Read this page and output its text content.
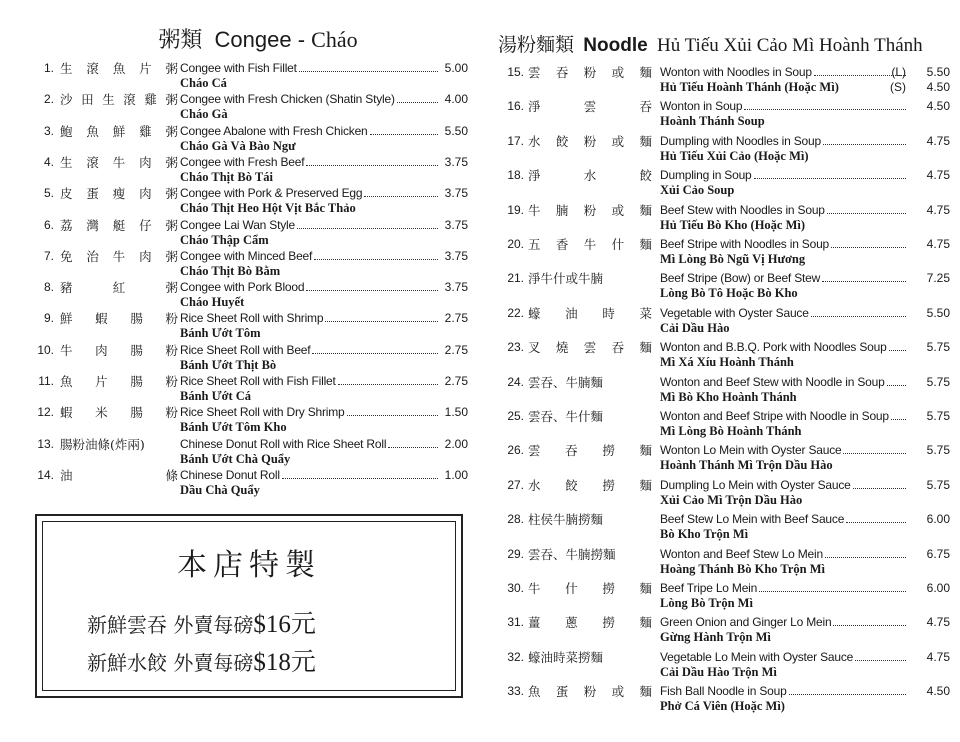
粥類 Congee - Cháo
1. 生 滾 魚 片 粥 Congee with Fish Fillet	5.00
Cháo Cá
2. 沙 田 生 滾 雞 粥 Congee with Fresh Chicken (Shatin Style)	4.00
Cháo Gà
3. 鮑 魚 鮮 雞 粥 Congee Abalone with Fresh Chicken	5.50
Cháo Gà Và Bào Ngư
4. 生 滾 牛 肉 粥 Congee with Fresh Beef	3.75
Cháo Thịt Bò Tái
5. 皮 蛋 瘦 肉 粥 Congee with Pork & Preserved Egg	3.75
Cháo Thịt Heo Hột Vịt Bắc Thảo
6. 荔 灣 艇 仔 粥 Congee Lai Wan Style	3.75
Cháo Thập Cẩm
7. 免 治 牛 肉 粥 Congee with Minced Beef	3.75
Cháo Thịt Bò Bằm
8. 豬	紅	粥 Congee with Pork Blood	3.75
Cháo Huyết
9. 鮮 蝦 腸 粉 Rice Sheet Roll with Shrimp	2.75
Bánh Ướt Tôm
10. 牛 肉 腸 粉 Rice Sheet Roll with Beef	2.75
Bánh Ướt Thịt Bò
11. 魚 片 腸 粉 Rice Sheet Roll with Fish Fillet	2.75
Bánh Ướt Cá
12. 蝦 米 腸 粉 Rice Sheet Roll with Dry Shrimp	1.50
Bánh Ướt Tôm Kho
13. 腸粉油條(炸兩)	Chinese Donut Roll with Rice Sheet Roll	2.00
Bánh Ướt Chà Quẩy
14. 油	條 Chinese Donut Roll	1.00
Dầu Chà Quẩy
本店特製
新鮮雲吞 外賣每磅$16元
新鮮水餃 外賣每磅$18元
湯粉麵類 Noodle Hủ Tiếu Xủi Cảo Mì Hoành Thánh
15. 雲 吞 粉 或 麵 Wonton with Noodles in Soup	(L)	5.50
Hủ Tiếu Hoành Thánh (Hoặc Mì)	(S)	4.50
16. 淨	雲	吞 Wonton in Soup	4.50
Hoành Thánh Soup
17. 水 餃 粉 或 麵 Dumpling with Noodles in Soup	4.75
Hủ Tiếu Xủi Cảo (Hoặc Mì)
18. 淨	水	餃 Dumpling in Soup	4.75
Xủi Cảo Soup
19. 牛 腩 粉 或 麵 Beef Stew with Noodles in Soup	4.75
Hủ Tiếu Bò Kho (Hoặc Mì)
20. 五 香 牛 什 麵 Beef Stripe with Noodles in Soup	4.75
Mì Lòng Bò Ngũ Vị Hương
21. 淨牛什或牛腩	Beef Stripe (Bow) or Beef Stew	7.25
Lòng Bò Tô Hoặc Bò Kho
22. 蠔 油 時 菜 Vegetable with Oyster Sauce	5.50
Cải Dầu Hào
23. 叉 燒 雲 吞 麵 Wonton and B.B.Q. Pork with Noodles Soup	5.75
Mì Xá Xíu Hoành Thánh
24. 雲吞、牛腩麵	Wonton and Beef Stew with Noodle in Soup	5.75
Mì Bò Kho Hoành Thánh
25. 雲吞、牛什麵	Wonton and Beef Stripe with Noodle in Soup	5.75
Mì Lòng Bò Hoành Thánh
26. 雲 吞 撈 麵 Wonton Lo Mein with Oyster Sauce	5.75
Hoành Thánh Mì Trộn Dầu Hào
27. 水 餃 撈 麵 Dumpling Lo Mein with Oyster Sauce	5.75
Xủi Cảo Mì Trộn Dầu Hào
28. 柱侯牛腩撈麵	Beef Stew Lo Mein with Beef Sauce	6.00
Bò Kho Trộn Mì
29. 雲吞、牛腩撈麵	Wonton and Beef Stew Lo Mein	6.75
Hoàng Thánh Bò Kho Trộn Mì
30. 牛 什 撈 麵 Beef Tripe Lo Mein	6.00
Lòng Bò Trộn Mì
31. 薑 蔥 撈 麵 Green Onion and Ginger Lo Mein	4.75
Gừng Hành Trộn Mì
32. 蠔油時菜撈麵	Vegetable Lo Mein with Oyster Sauce	4.75
Cải Dầu Hào Trộn Mì
33. 魚 蛋 粉 或 麵 Fish Ball Noodle in Soup	4.50
Phở Cá Viên (Hoặc Mì)
